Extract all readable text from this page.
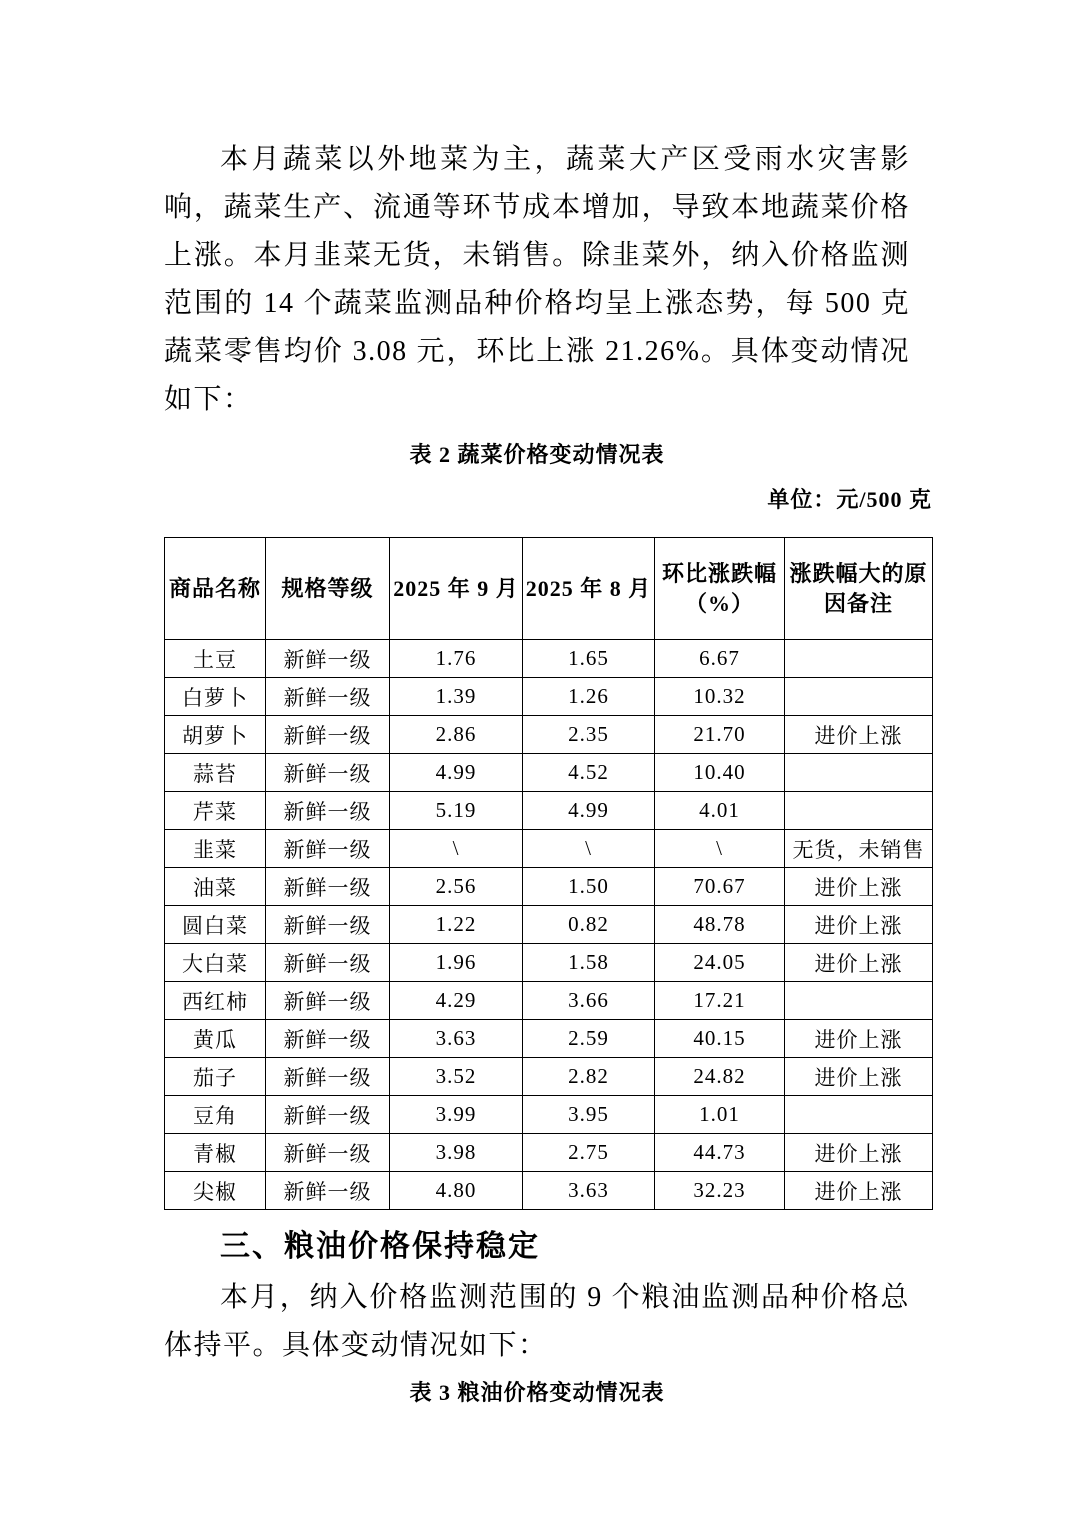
本月蔬菜以外地菜为主，蔬菜大产区受雨水灾害影响，蔬菜生产、流通等环节成本增加，导致本地蔬菜价格上涨。本月韭菜无货，未销售。除韭菜外，纳入价格监测范围的 14 个蔬菜监测品种价格均呈上涨态势，每 500 克蔬菜零售均价 3.08 元，环比上涨 21.26%。具体变动情况如下：

表 2 蔬菜价格变动情况表
单位：元/500 克
商品名称	规格等级	2025 年 9 月	2025 年 8 月	环比涨跌幅（%）	涨跌幅大的原因备注
土豆	新鲜一级	1.76	1.65	6.67	
白萝卜	新鲜一级	1.39	1.26	10.32	
胡萝卜	新鲜一级	2.86	2.35	21.70	进价上涨
蒜苔	新鲜一级	4.99	4.52	10.40	
芹菜	新鲜一级	5.19	4.99	4.01	
韭菜	新鲜一级	\	\	\	无货，未销售
油菜	新鲜一级	2.56	1.50	70.67	进价上涨
圆白菜	新鲜一级	1.22	0.82	48.78	进价上涨
大白菜	新鲜一级	1.96	1.58	24.05	进价上涨
西红柿	新鲜一级	4.29	3.66	17.21	
黄瓜	新鲜一级	3.63	2.59	40.15	进价上涨
茄子	新鲜一级	3.52	2.82	24.82	进价上涨
豆角	新鲜一级	3.99	3.95	1.01	
青椒	新鲜一级	3.98	2.75	44.73	进价上涨
尖椒	新鲜一级	4.80	3.63	32.23	进价上涨
三、粮油价格保持稳定

本月，纳入价格监测范围的 9 个粮油监测品种价格总体持平。具体变动情况如下：

表 3 粮油价格变动情况表
